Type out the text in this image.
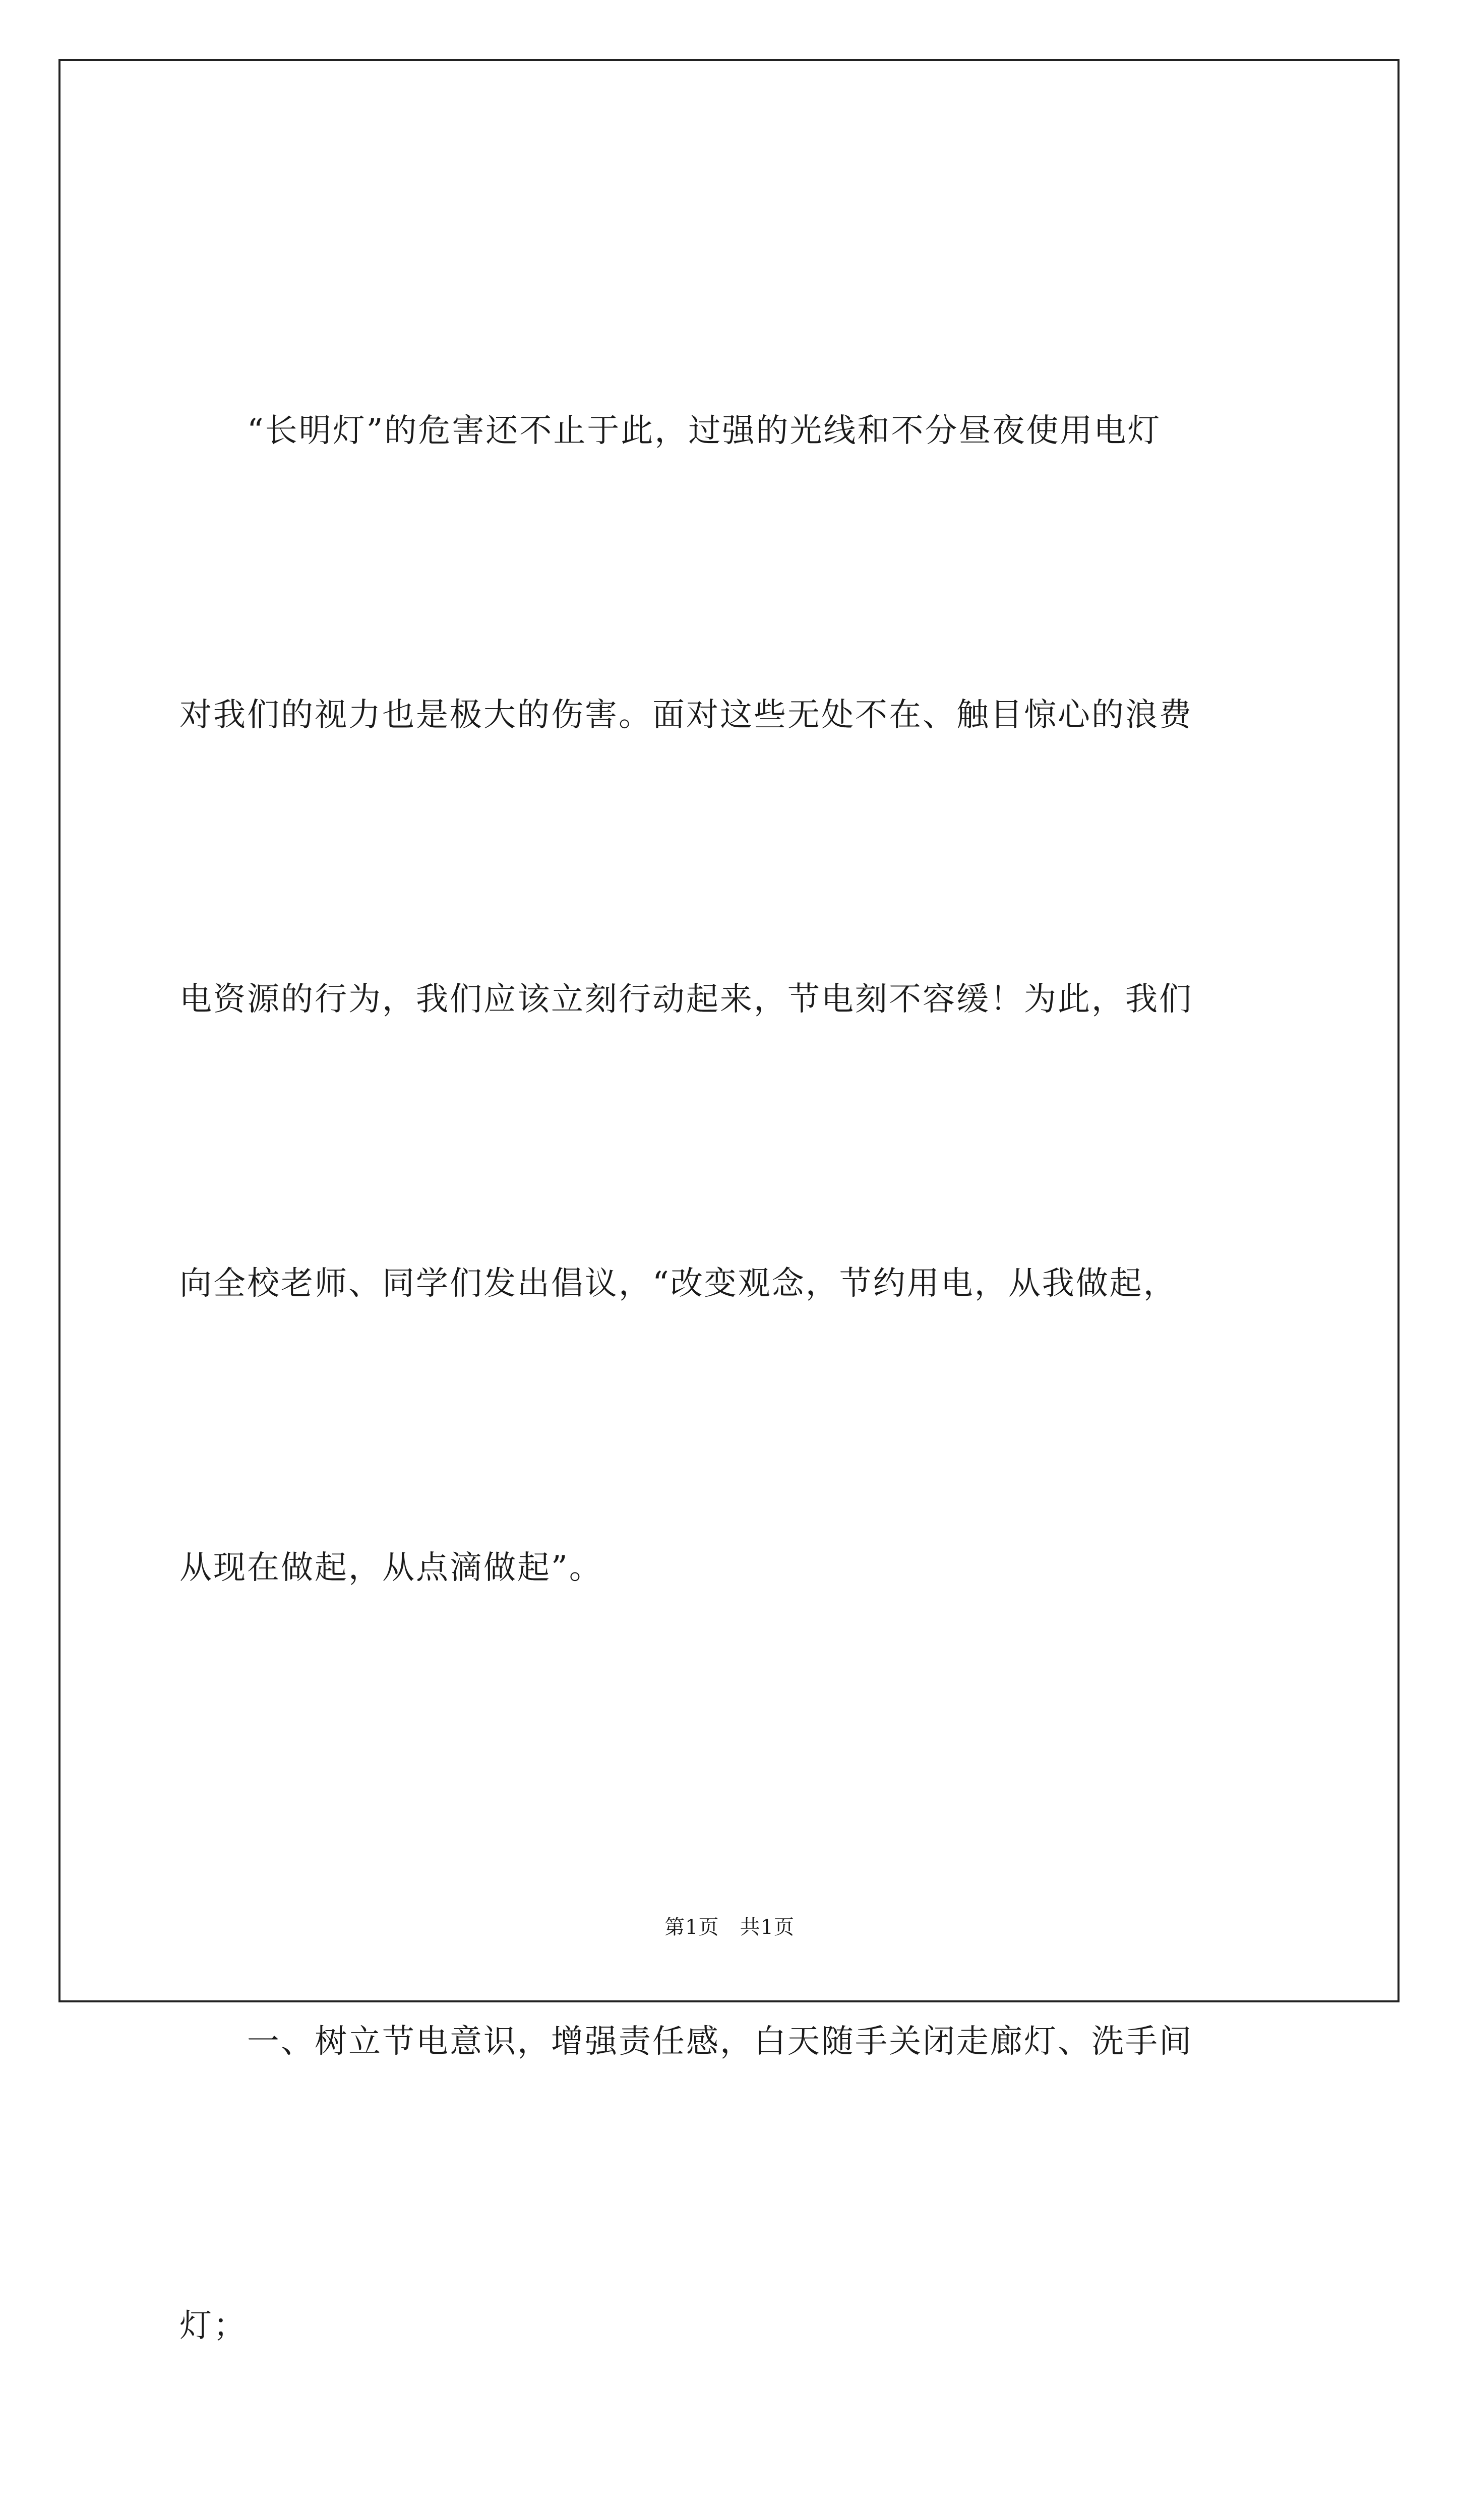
　　“长明灯”的危害还不止于此，过强的光线和不分昼夜使用电灯

对我们的视力也是极大的伤害。面对这些无处不在、触目惊心的浪费

电资源的行为，我们应该立刻行动起来，节电刻不容缓！为此，我们

向全校老师、同学们发出倡议，“改变观念，节约用电，从我做起，

从现在做起，从点滴做起”。

　　一、树立节电意识，增强责任感，白天随手关闭走廊灯、洗手间

灯；

第1页　共1页
